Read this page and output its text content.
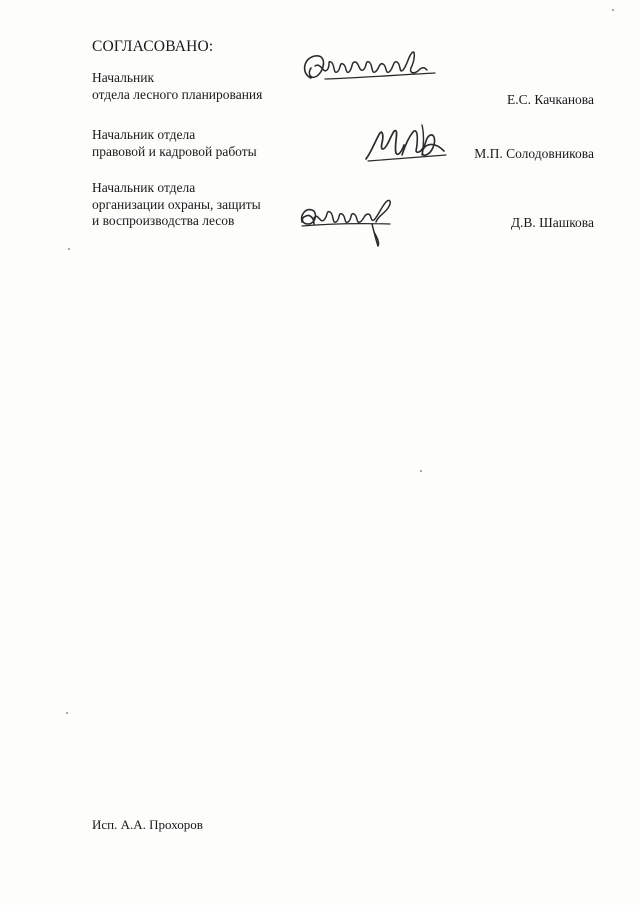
СОГЛАСОВАНО:
Начальник
отдела лесного планирования	Е.С. Качканова
Начальник отдела
правовой и кадровой работы	М.П. Солодовникова
Начальник отдела
организации охраны, защиты
и воспроизводства лесов	Д.В. Шашкова
Исп. А.А. Прохоров
